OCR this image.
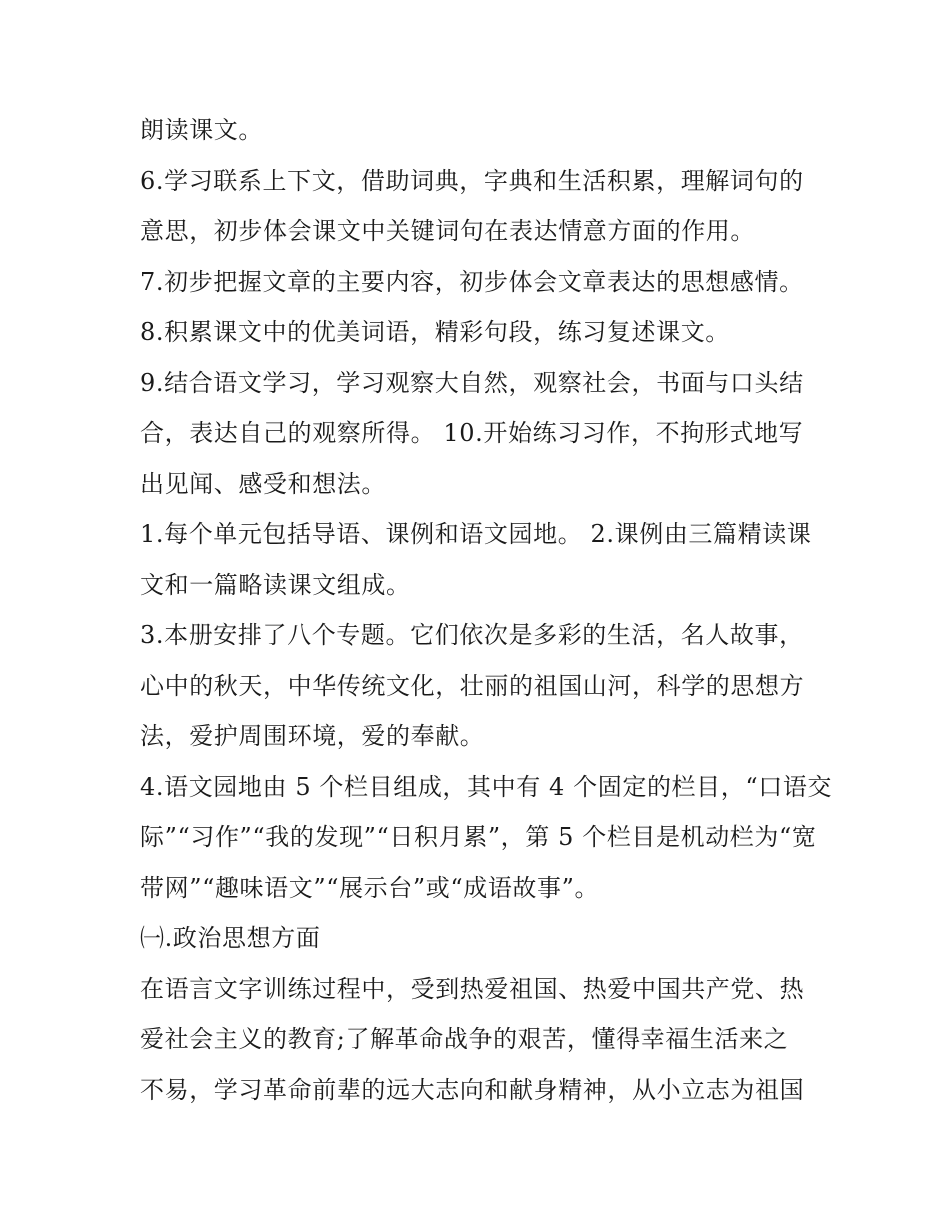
朗读课文。
6.学习联系上下文，借助词典，字典和生活积累，理解词句的
意思，初步体会课文中关键词句在表达情意方面的作用。
7.初步把握文章的主要内容，初步体会文章表达的思想感情。
8.积累课文中的优美词语，精彩句段，练习复述课文。
9.结合语文学习，学习观察大自然，观察社会，书面与口头结
合，表达自己的观察所得。 10.开始练习习作，不拘形式地写
出见闻、感受和想法。
1.每个单元包括导语、课例和语文园地。 2.课例由三篇精读课
文和一篇略读课文组成。
3.本册安排了八个专题。它们依次是多彩的生活，名人故事，
心中的秋天，中华传统文化，壮丽的祖国山河，科学的思想方
法，爱护周围环境，爱的奉献。
4.语文园地由 5 个栏目组成，其中有 4 个固定的栏目，“口语交
际”“习作”“我的发现”“日积月累”，第 5 个栏目是机动栏为“宽
带网”“趣味语文”“展示台”或“成语故事”。
㈠.政治思想方面
在语言文字训练过程中，受到热爱祖国、热爱中国共产党、热
爱社会主义的教育;了解革命战争的艰苦，懂得幸福生活来之
不易，学习革命前辈的远大志向和献身精神，从小立志为祖国
